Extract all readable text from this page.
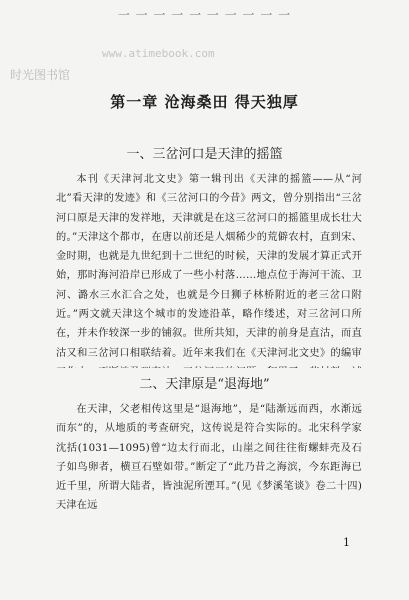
一 一 一 一 一 一 一 一 一 一
时光图书馆
www.atimebook.com
第一章 沧海桑田 得天独厚
一、三岔河口是天津的摇篮
本刊《天津河北文史》第一辑刊出《天津的摇篮——从“河北”看天津的发迹》和《三岔河口的今昔》两文，曾分别指出“三岔河口原是天津的发祥地，天津就是在这三岔河口的摇篮里成长壮大的。”天津这个都市，在唐以前还是人烟稀少的荒僻农村，直到宋、金时期，也就是九世纪到十二世纪的时候，天津的发展才算正式开始，那时海河沿岸已形成了一些小村落……地点位于海河干流、卫河、潞水三水汇合之处，也就是今日狮子林桥附近的老三岔口附近。”两文就天津这个城市的发迹沿革，略作缕述，对三岔河口所在，并未作较深一步的铺叙。世所共知，天津的前身是直沽，而直沽又和三岔河口相联结着。近年来我们在《天津河北文史》的编审
二、天津原是“退海地”
在天津，父老相传这里是“退海地”，是“陆渐远而西，水渐远而东”的，从地质的考查研究，这传说是符合实际的。北宋科学家沈括(1031—1095)曾“边太行而北，山崖之间往往衔螺蚌壳及石子如鸟卵者，横亘石壁如带。”断定了“此乃昔之海滨，今东距海已近千里，所谓大陆者，皆浊泥所湮耳。”(见《梦溪笔谈》卷二十四)天津在远
1
